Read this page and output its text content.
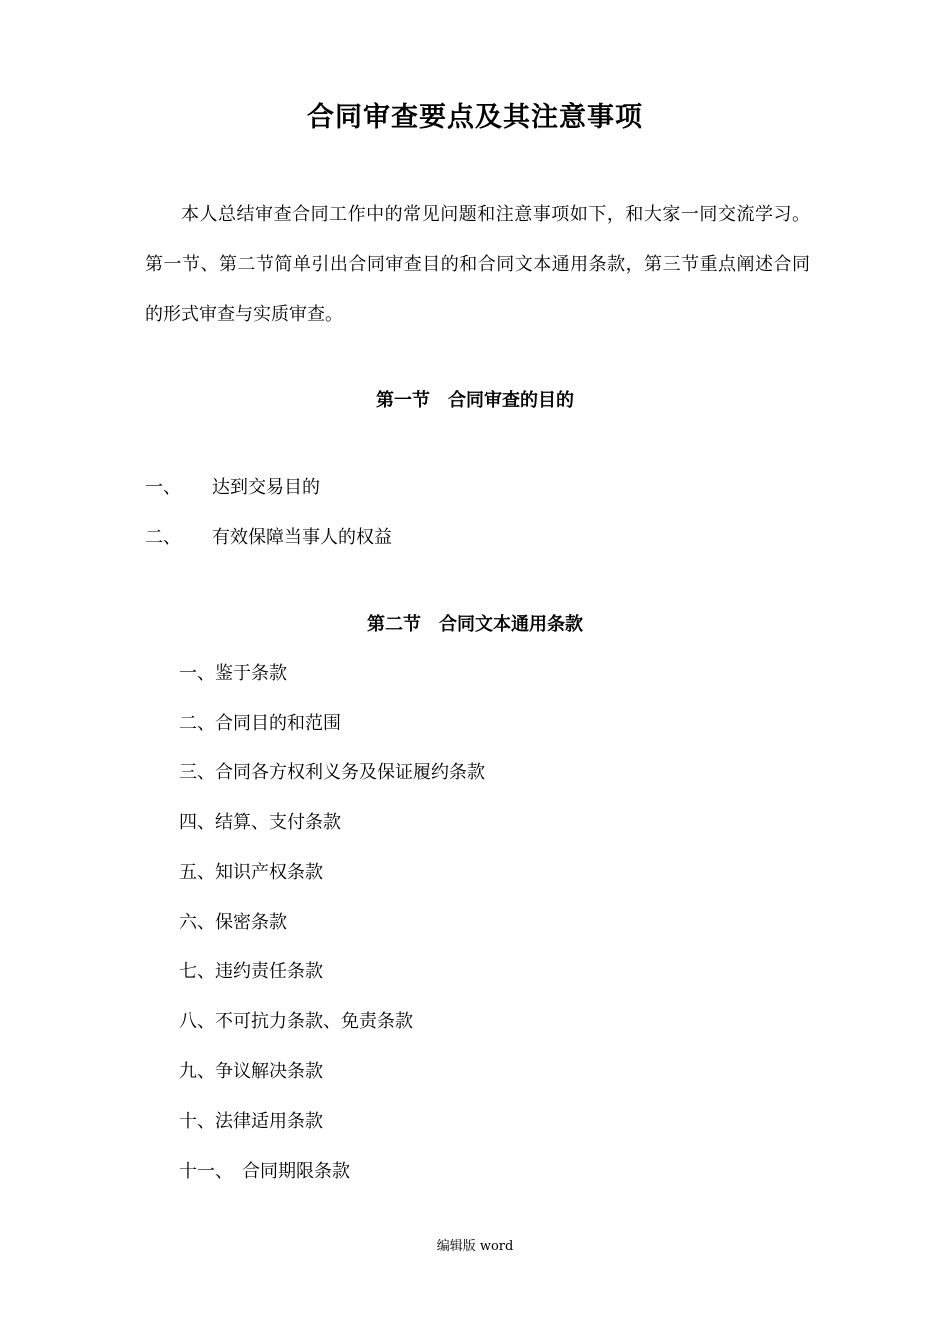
合同审查要点及其注意事项

本人总结审查合同工作中的常见问题和注意事项如下，和大家一同交流学习。第一节、第二节简单引出合同审查目的和合同文本通用条款，第三节重点阐述合同的形式审查与实质审查。

第一节　合同审查的目的
一、 达到交易目的
二、 有效保障当事人的权益
第二节　合同文本通用条款
一、鉴于条款
二、合同目的和范围
三、合同各方权利义务及保证履约条款
四、结算、支付条款
五、知识产权条款
六、保密条款
七、违约责任条款
八、不可抗力条款、免责条款
九、争议解决条款
十、法律适用条款
十一、　合同期限条款

编辑版 word
